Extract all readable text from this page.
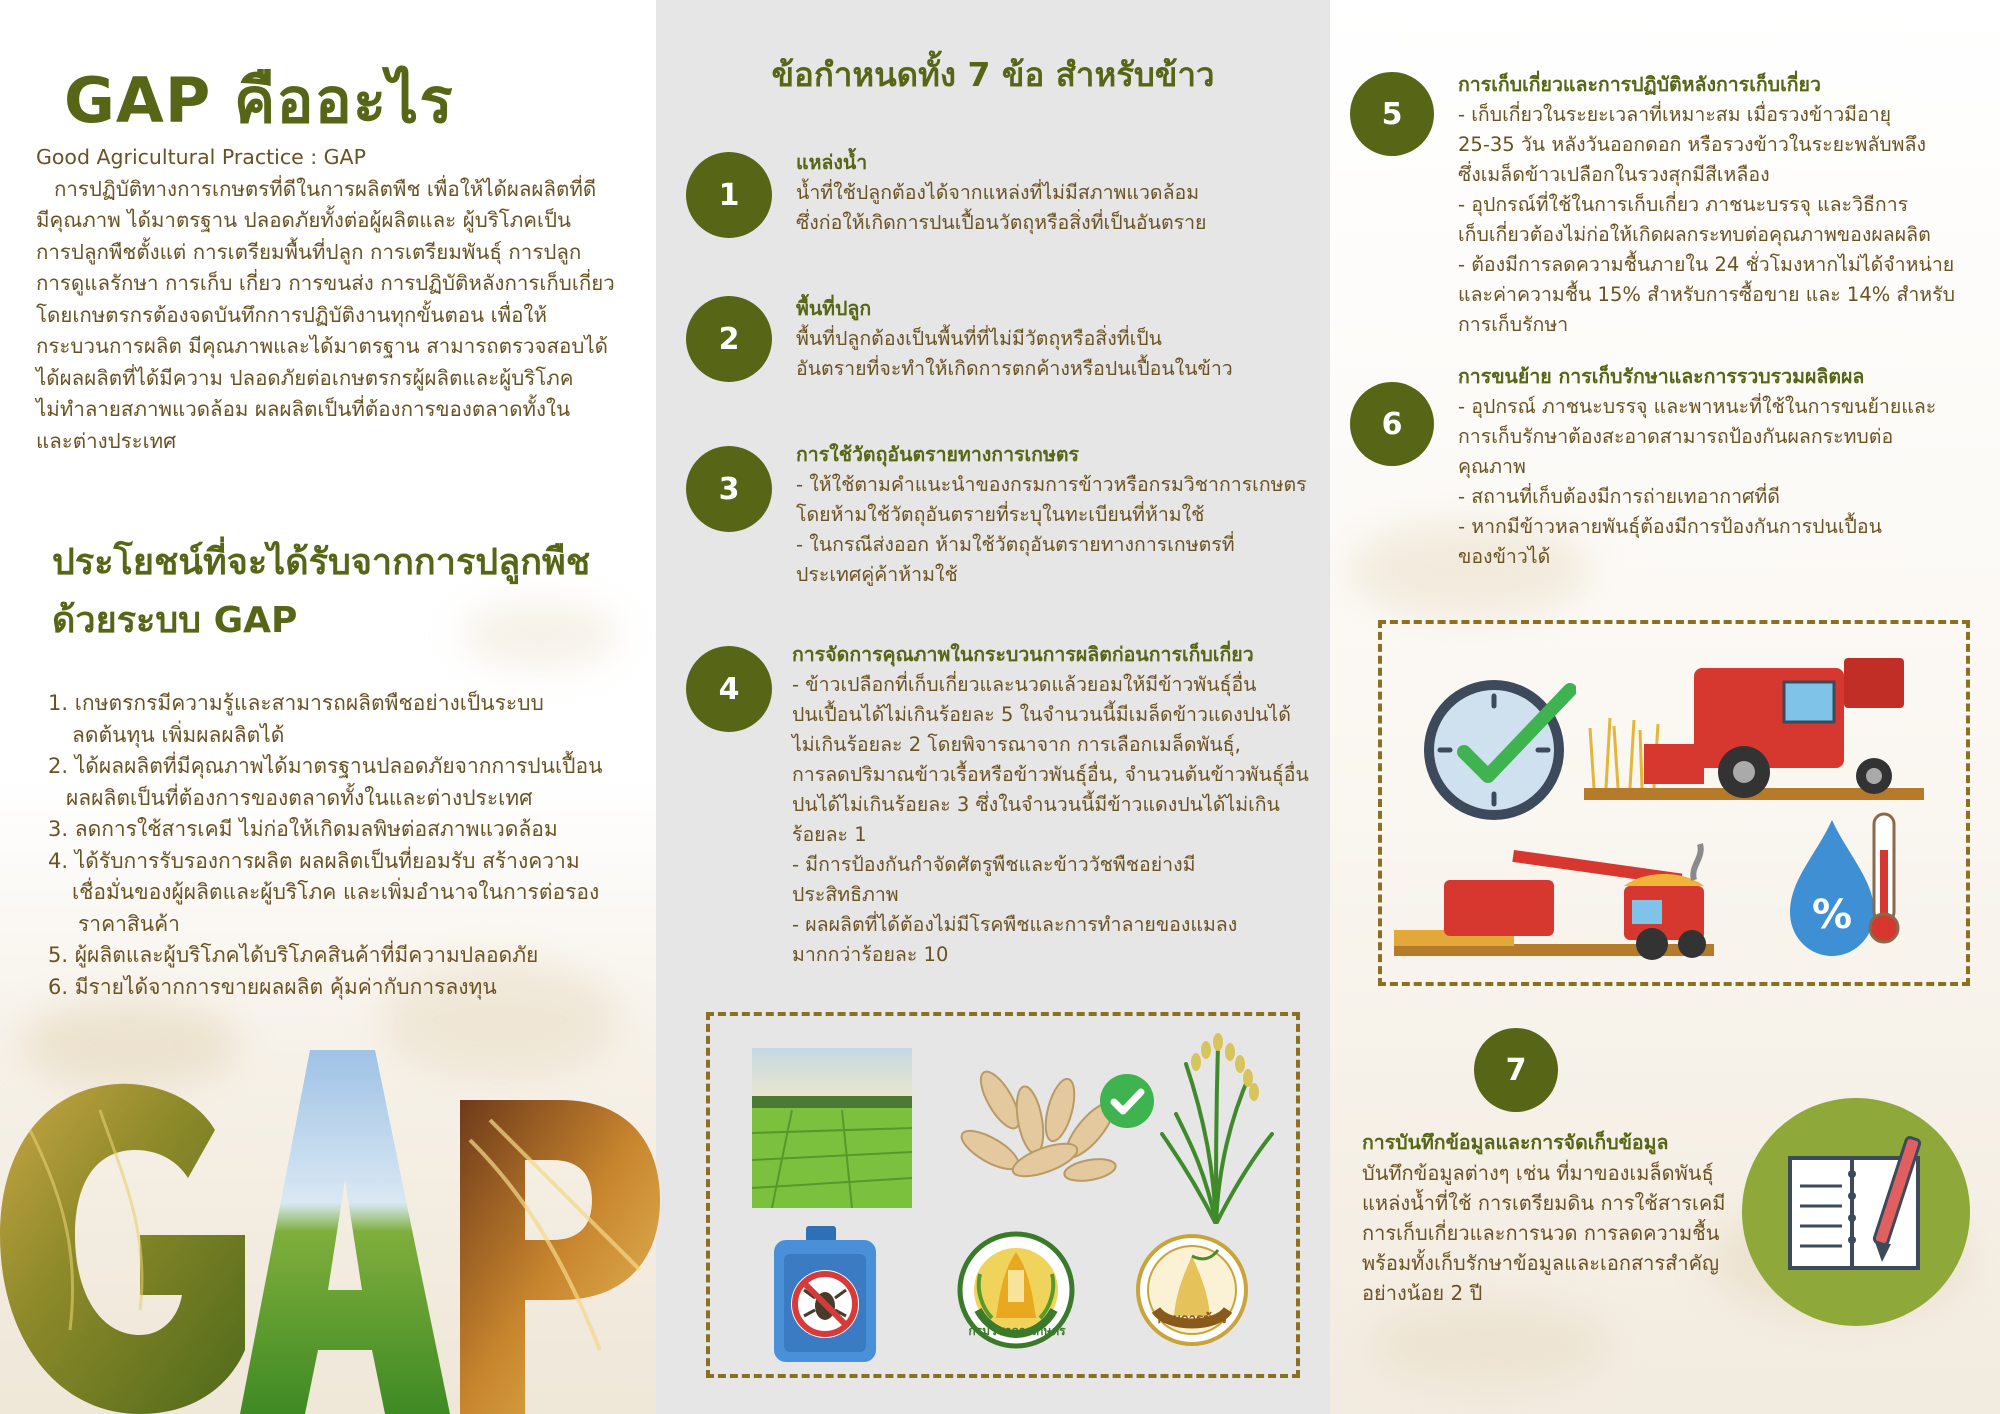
GAP คืออะไร
Good Agricultural Practice : GAP
การปฏิบัติทางการเกษตรที่ดีในการผลิตพืช เพื่อให้ได้ผลผลิตที่ดี
มีคุณภาพ ได้มาตรฐาน ปลอดภัยทั้งต่อผู้ผลิตและ ผู้บริโภคเป็น
การปลูกพืชตั้งแต่ การเตรียมพื้นที่ปลูก การเตรียมพันธุ์ การปลูก
การดูแลรักษา การเก็บ เกี่ยว การขนส่ง การปฏิบัติหลังการเก็บเกี่ยว
โดยเกษตรกรต้องจดบันทึกการปฏิบัติงานทุกขั้นตอน เพื่อให้
กระบวนการผลิต มีคุณภาพและได้มาตรฐาน สามารถตรวจสอบได้
ได้ผลผลิตที่ได้มีความ ปลอดภัยต่อเกษตรกรผู้ผลิตและผู้บริโภค
ไม่ทำลายสภาพแวดล้อม ผลผลิตเป็นที่ต้องการของตลาดทั้งใน
และต่างประเทศ
ประโยชน์ที่จะได้รับจากการปลูกพืช
ด้วยระบบ GAP
1. เกษตรกรมีความรู้และสามารถผลิตพืชอย่างเป็นระบบ
ลดต้นทุน เพิ่มผลผลิตได้
2. ได้ผลผลิตที่มีคุณภาพได้มาตรฐานปลอดภัยจากการปนเปื้อน
ผลผลิตเป็นที่ต้องการของตลาดทั้งในและต่างประเทศ
3. ลดการใช้สารเคมี ไม่ก่อให้เกิดมลพิษต่อสภาพแวดล้อม
4. ได้รับการรับรองการผลิต ผลผลิตเป็นที่ยอมรับ สร้างความ
เชื่อมั่นของผู้ผลิตและผู้บริโภค และเพิ่มอำนาจในการต่อรอง
ราคาสินค้า
5. ผู้ผลิตและผู้บริโภคได้บริโภคสินค้าที่มีความปลอดภัย
6. มีรายได้จากการขายผลผลิต คุ้มค่ากับการลงทุน
ข้อกำหนดทั้ง 7 ข้อ สำหรับข้าว
1
แหล่งน้ำ
น้ำที่ใช้ปลูกต้องได้จากแหล่งที่ไม่มีสภาพแวดล้อม
ซึ่งก่อให้เกิดการปนเปื้อนวัตถุหรือสิ่งที่เป็นอันตราย
2
พื้นที่ปลูก
พื้นที่ปลูกต้องเป็นพื้นที่ที่ไม่มีวัตถุหรือสิ่งที่เป็น
อันตรายที่จะทำให้เกิดการตกค้างหรือปนเปื้อนในข้าว
3
การใช้วัตถุอันตรายทางการเกษตร
- ให้ใช้ตามคำแนะนำของกรมการข้าวหรือกรมวิชาการเกษตร
โดยห้ามใช้วัตถุอันตรายที่ระบุในทะเบียนที่ห้ามใช้
- ในกรณีส่งออก ห้ามใช้วัตถุอันตรายทางการเกษตรที่
ประเทศคู่ค้าห้ามใช้
4
การจัดการคุณภาพในกระบวนการผลิตก่อนการเก็บเกี่ยว
- ข้าวเปลือกที่เก็บเกี่ยวและนวดแล้วยอมให้มีข้าวพันธุ์อื่น
ปนเปื้อนได้ไม่เกินร้อยละ 5 ในจำนวนนี้มีเมล็ดข้าวแดงปนได้
ไม่เกินร้อยละ 2 โดยพิจารณาจาก การเลือกเมล็ดพันธุ์,
การลดปริมาณข้าวเรื้อหรือข้าวพันธุ์อื่น, จำนวนต้นข้าวพันธุ์อื่น
ปนได้ไม่เกินร้อยละ 3 ซึ่งในจำนวนนี้มีข้าวแดงปนได้ไม่เกิน
ร้อยละ 1
- มีการป้องกันกำจัดศัตรูพืชและข้าววัชพืชอย่างมี
ประสิทธิภาพ
- ผลผลิตที่ได้ต้องไม่มีโรคพืชและการทำลายของแมลง
มากกว่าร้อยละ 10
กรมวิชาการเกษตร
กรมการข้าว
5
การเก็บเกี่ยวและการปฏิบัติหลังการเก็บเกี่ยว
- เก็บเกี่ยวในระยะเวลาที่เหมาะสม เมื่อรวงข้าวมีอายุ
25-35 วัน หลังวันออกดอก หรือรวงข้าวในระยะพลับพลึง
ซึ่งเมล็ดข้าวเปลือกในรวงสุกมีสีเหลือง
- อุปกรณ์ที่ใช้ในการเก็บเกี่ยว ภาชนะบรรจุ และวิธีการ
เก็บเกี่ยวต้องไม่ก่อให้เกิดผลกระทบต่อคุณภาพของผลผลิต
- ต้องมีการลดความชื้นภายใน 24 ชั่วโมงหากไม่ได้จำหน่าย
และค่าความชื้น 15% สำหรับการซื้อขาย และ 14% สำหรับ
การเก็บรักษา
6
การขนย้าย การเก็บรักษาและการรวบรวมผลิตผล
- อุปกรณ์ ภาชนะบรรจุ และพาหนะที่ใช้ในการขนย้ายและ
การเก็บรักษาต้องสะอาดสามารถป้องกันผลกระทบต่อ
คุณภาพ
- สถานที่เก็บต้องมีการถ่ายเทอากาศที่ดี
- หากมีข้าวหลายพันธุ์ต้องมีการป้องกันการปนเปื้อน
ของข้าวได้
%
7
การบันทึกข้อมูลและการจัดเก็บข้อมูล
บันทึกข้อมูลต่างๆ เช่น ที่มาของเมล็ดพันธุ์
แหล่งน้ำที่ใช้ การเตรียมดิน การใช้สารเคมี
การเก็บเกี่ยวและการนวด การลดความชื้น
พร้อมทั้งเก็บรักษาข้อมูลและเอกสารสำคัญ
อย่างน้อย 2 ปี
